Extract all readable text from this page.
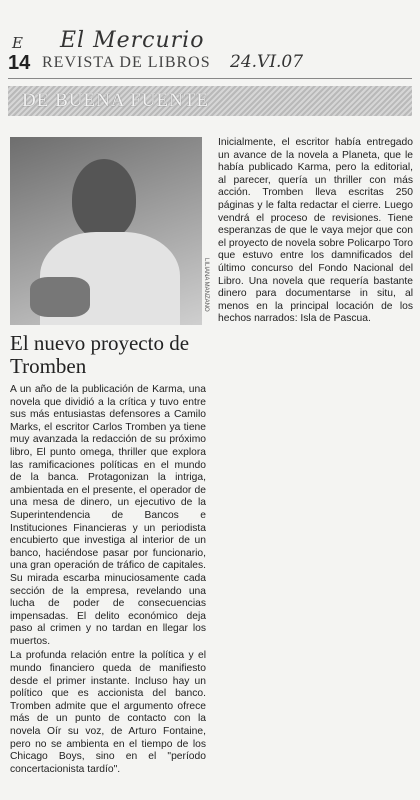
E El Mercurio
24.VI.07
14 REVISTA DE LIBROS
DE BUENA FUENTE
LILIANA MANZANO
El nuevo proyecto de Tromben

A un año de la publicación de Karma, una novela que dividió a la crítica y tuvo entre sus más entusiastas defensores a Camilo Marks, el escritor Carlos Tromben ya tiene muy avanzada la redacción de su próximo libro, El punto omega, thriller que explora las ramificaciones políticas en el mundo de la banca. Protagonizan la intriga, ambientada en el presente, el operador de una mesa de dinero, un ejecutivo de la Superintendencia de Bancos e Instituciones Financieras y un periodista encubierto que investiga al interior de un banco, haciéndose pasar por funcionario, una gran operación de tráfico de capitales. Su mirada escarba minuciosamente cada sección de la empresa, revelando una lucha de poder de consecuencias impensadas. El delito económico deja paso al crimen y no tardan en llegar los muertos.

La profunda relación entre la política y el mundo financiero queda de manifiesto desde el primer instante. Incluso hay un político que es accionista del banco. Tromben admite que el argumento ofrece más de un punto de contacto con la novela Oír su voz, de Arturo Fontaine, pero no se ambienta en el tiempo de los Chicago Boys, sino en el "período concertacionista tardío".

Inicialmente, el escritor había entregado un avance de la novela a Planeta, que le había publicado Karma, pero la editorial, al parecer, quería un thriller con más acción. Tromben lleva escritas 250 páginas y le falta redactar el cierre. Luego vendrá el proceso de revisiones. Tiene esperanzas de que le vaya mejor que con el proyecto de novela sobre Policarpo Toro que estuvo entre los damnificados del último concurso del Fondo Nacional del Libro. Una novela que requería bastante dinero para documentarse in situ, al menos en la principal locación de los hechos narrados: Isla de Pascua.
